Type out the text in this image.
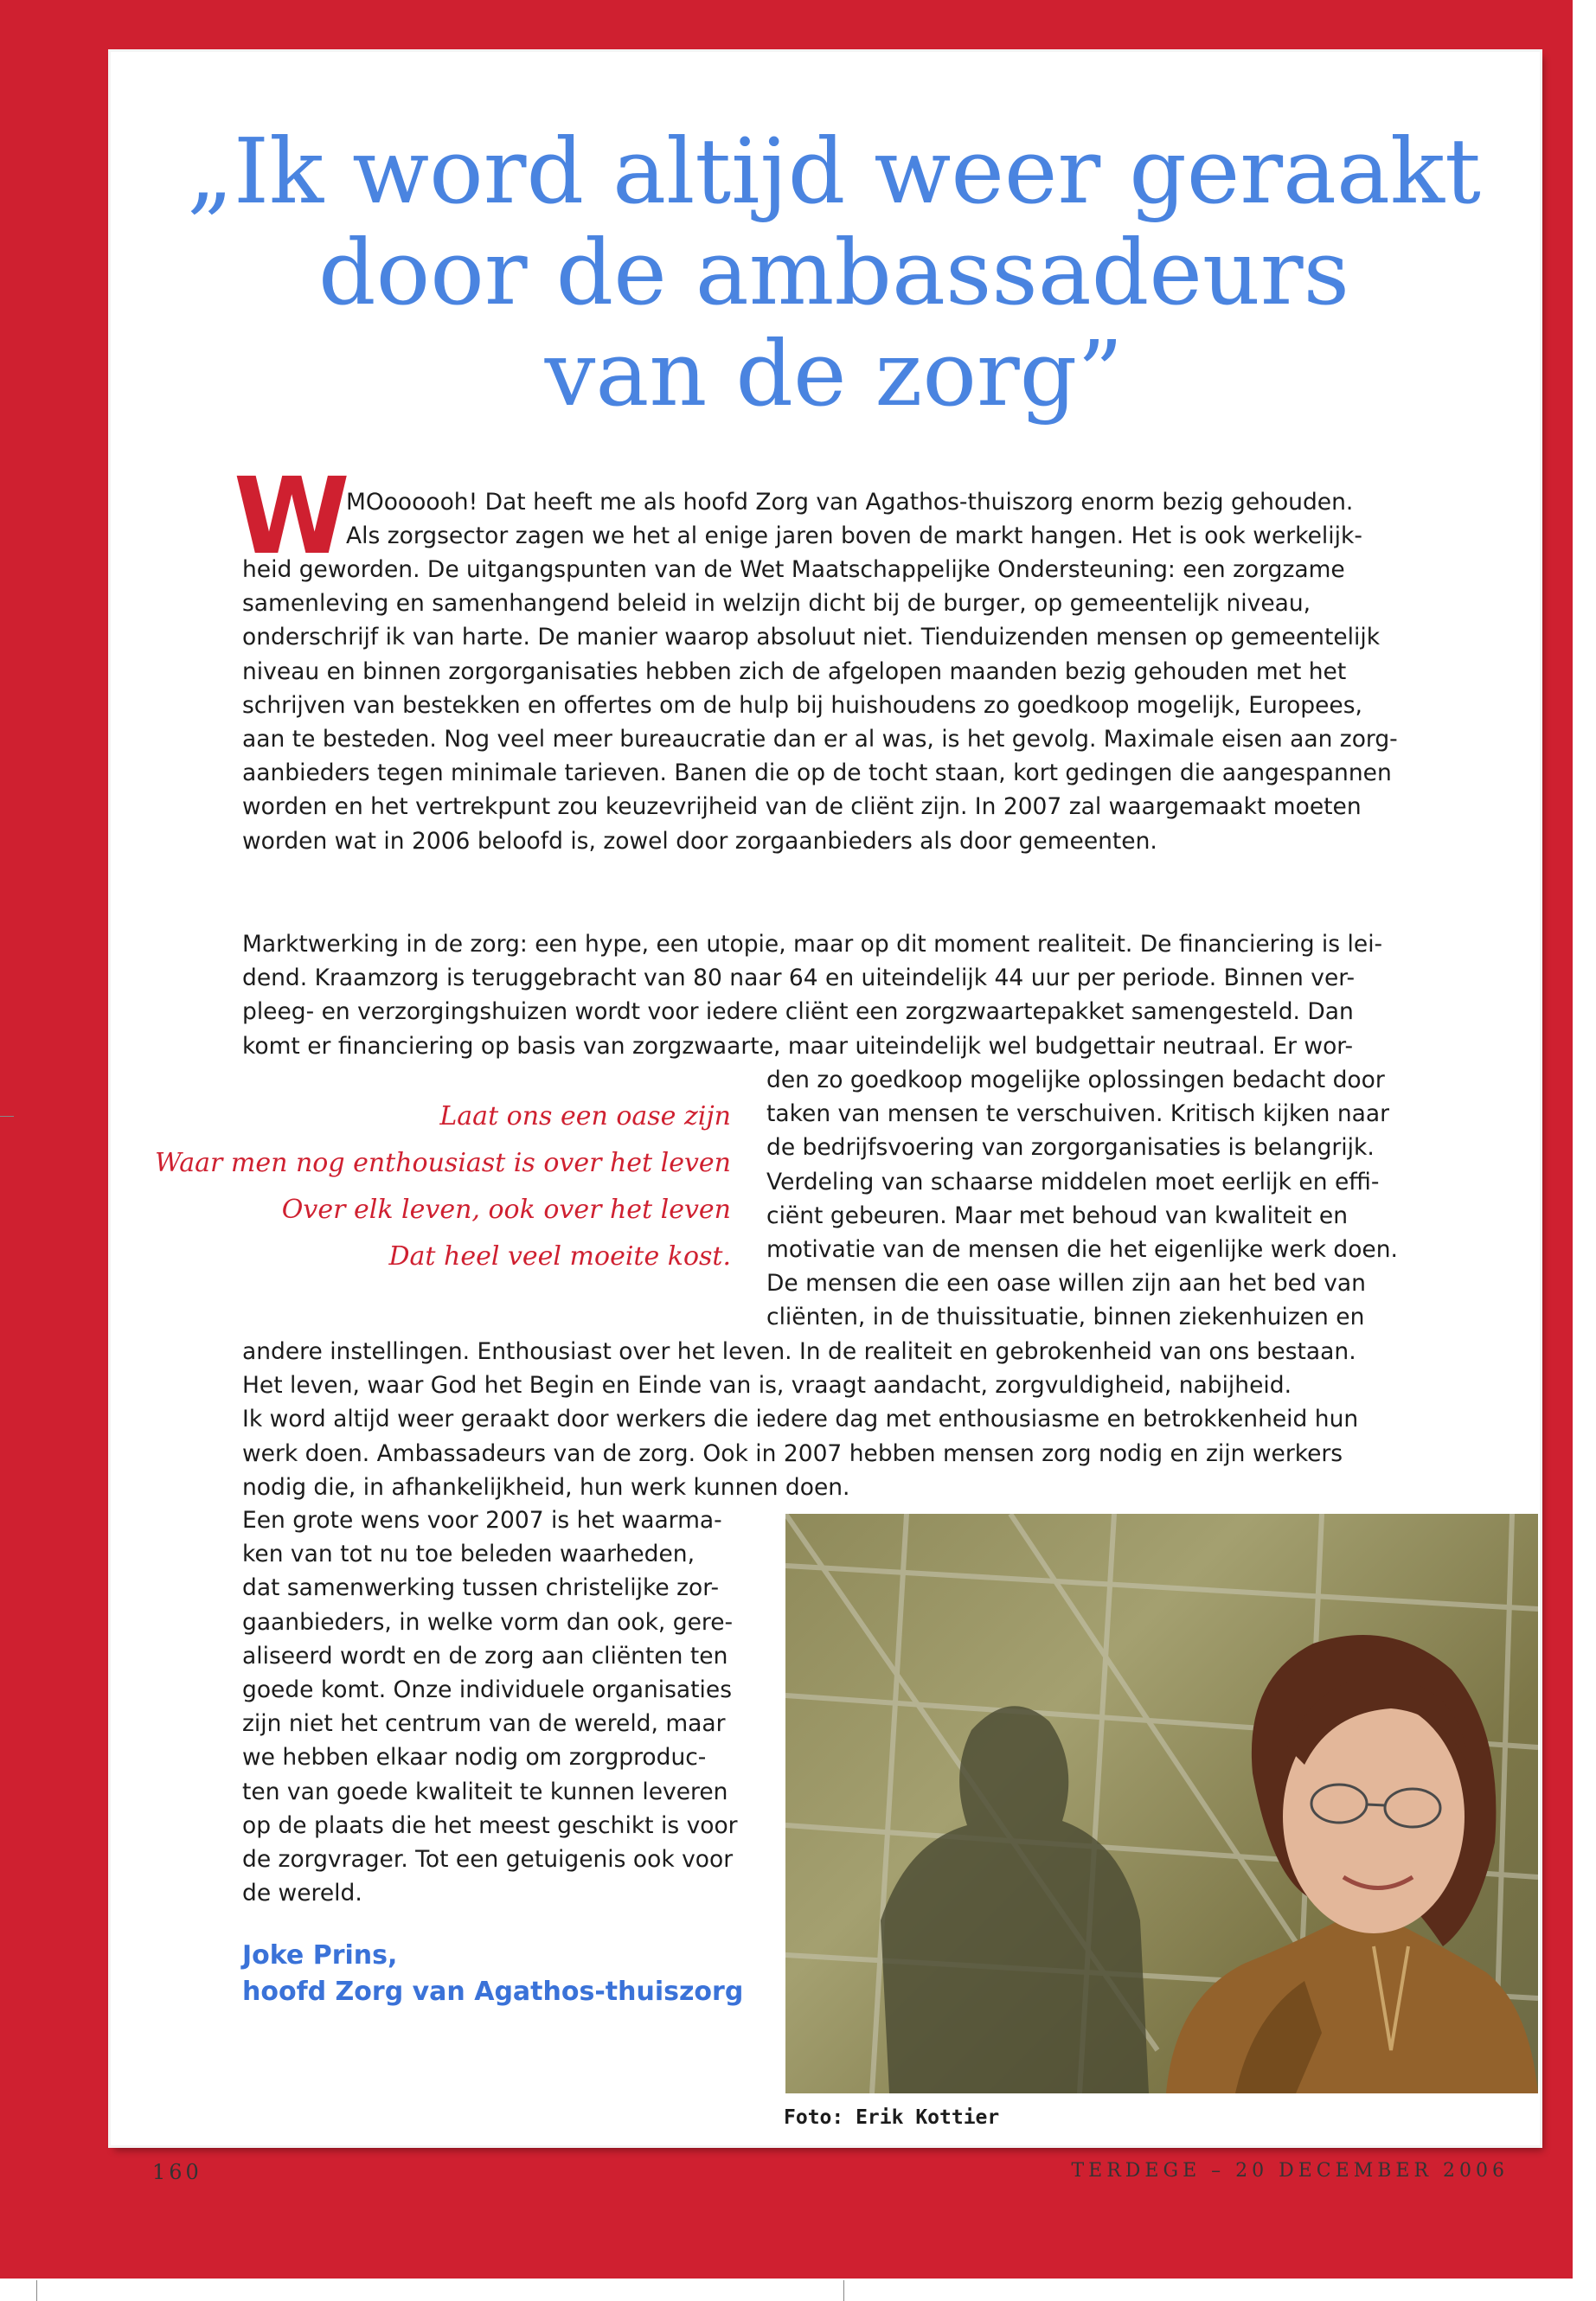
„Ik word altijd weer geraakt
door de ambassadeurs
van de zorg”
W

MOoooooh! Dat heeft me als hoofd Zorg van Agathos-thuiszorg enorm bezig gehouden.
Als zorgsector zagen we het al enige jaren boven de markt hangen. Het is ook werkelijk-

heid geworden. De uitgangspunten van de Wet Maatschappelijke Ondersteuning: een zorgzame
samenleving en samenhangend beleid in welzijn dicht bij de burger, op gemeentelijk niveau,
onderschrijf ik van harte. De manier waarop absoluut niet. Tienduizenden mensen op gemeentelijk
niveau en binnen zorgorganisaties hebben zich de afgelopen maanden bezig gehouden met het
schrijven van bestekken en offertes om de hulp bij huishoudens zo goedkoop mogelijk, Europees,
aan te besteden. Nog veel meer bureaucratie dan er al was, is het gevolg. Maximale eisen aan zorg-
aanbieders tegen minimale tarieven. Banen die op de tocht staan, kort gedingen die aangespannen
worden en het vertrekpunt zou keuzevrijheid van de cliënt zijn. In 2007 zal waargemaakt moeten
worden wat in 2006 beloofd is, zowel door zorgaanbieders als door gemeenten.

Marktwerking in de zorg: een hype, een utopie, maar op dit moment realiteit. De financiering is lei-
dend. Kraamzorg is teruggebracht van 80 naar 64 en uiteindelijk 44 uur per periode. Binnen ver-
pleeg- en verzorgingshuizen wordt voor iedere cliënt een zorgzwaartepakket samengesteld. Dan
komt er financiering op basis van zorgzwaarte, maar uiteindelijk wel budgettair neutraal. Er wor-

den zo goedkoop mogelijke oplossingen bedacht door
taken van mensen te verschuiven. Kritisch kijken naar
de bedrijfsvoering van zorgorganisaties is belangrijk.
Verdeling van schaarse middelen moet eerlijk en effi-
ciënt gebeuren. Maar met behoud van kwaliteit en
motivatie van de mensen die het eigenlijke werk doen.
De mensen die een oase willen zijn aan het bed van
cliënten, in de thuissituatie, binnen ziekenhuizen en

Laat ons een oase zijn
Waar men nog enthousiast is over het leven
Over elk leven, ook over het leven
Dat heel veel moeite kost.

andere instellingen. Enthousiast over het leven. In de realiteit en gebrokenheid van ons bestaan.
Het leven, waar God het Begin en Einde van is, vraagt aandacht, zorgvuldigheid, nabijheid.
Ik word altijd weer geraakt door werkers die iedere dag met enthousiasme en betrokkenheid hun
werk doen. Ambassadeurs van de zorg. Ook in 2007 hebben mensen zorg nodig en zijn werkers
nodig die, in afhankelijkheid, hun werk kunnen doen.

Een grote wens voor 2007 is het waarma-
ken van tot nu toe beleden waarheden,
dat samenwerking tussen christelijke zor-
gaanbieders, in welke vorm dan ook, gere-
aliseerd wordt en de zorg aan cliënten ten
goede komt. Onze individuele organisaties
zijn niet het centrum van de wereld, maar
we hebben elkaar nodig om zorgproduc-
ten van goede kwaliteit te kunnen leveren
op de plaats die het meest geschikt is voor
de zorgvrager. Tot een getuigenis ook voor
de wereld.

Joke Prins,
hoofd Zorg van Agathos-thuiszorg

Foto: Erik Kottier

160	TERDEGE – 20 DECEMBER 2006
